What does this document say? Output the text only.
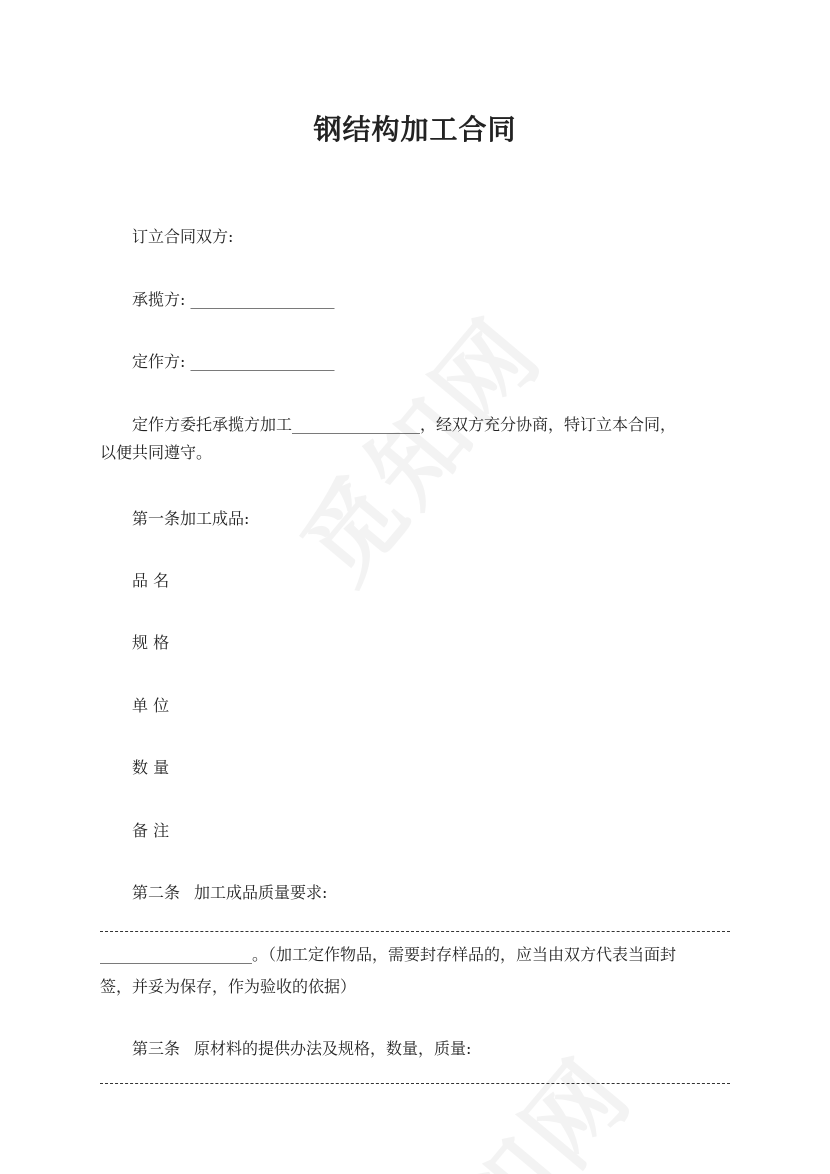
钢结构加工合同
订立合同双方:
承揽方: __________________
定作方: __________________
定作方委托承揽方加工________________，经双方充分协商，特订立本合同，
以便共同遵守。
第一条加工成品:
品 名
规 格
单 位
数 量
备 注
第二条 加工成品质量要求:
___________________。（加工定作物品，需要封存样品的，应当由双方代表当面封
签，并妥为保存，作为验收的依据）
第三条 原材料的提供办法及规格，数量，质量:
